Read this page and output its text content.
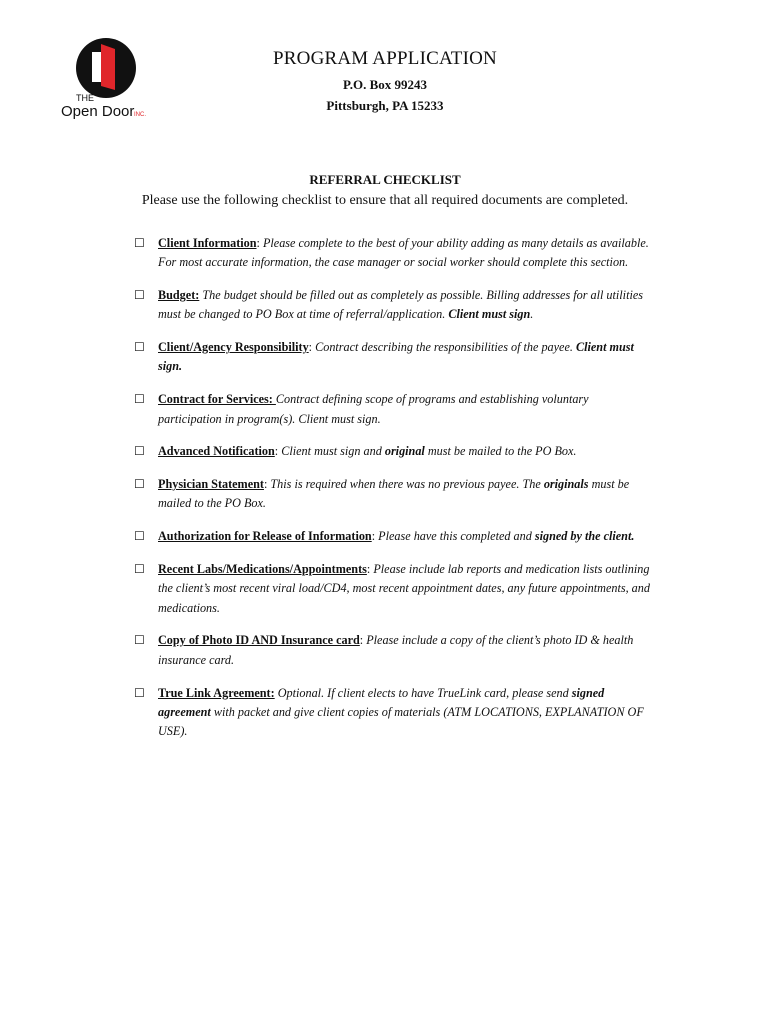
THE
Open Door INC.
PROGRAM APPLICATION
P.O. Box 99243
Pittsburgh, PA 15233
REFERRAL CHECKLIST
Please use the following checklist to ensure that all required documents are completed.
☐ Client Information: Please complete to the best of your ability adding as many details as available. For most accurate information, the case manager or social worker should complete this section.
☐ Budget: The budget should be filled out as completely as possible. Billing addresses for all utilities must be changed to PO Box at time of referral/application. Client must sign.
☐ Client/Agency Responsibility: Contract describing the responsibilities of the payee. Client must sign.
☐ Contract for Services: Contract defining scope of programs and establishing voluntary participation in program(s). Client must sign.
☐ Advanced Notification: Client must sign and original must be mailed to the PO Box.
☐ Physician Statement: This is required when there was no previous payee. The originals must be mailed to the PO Box.
☐ Authorization for Release of Information: Please have this completed and signed by the client.
☐ Recent Labs/Medications/Appointments: Please include lab reports and medication lists outlining the client’s most recent viral load/CD4, most recent appointment dates, any future appointments, and medications.
☐ Copy of Photo ID AND Insurance card: Please include a copy of the client’s photo ID & health insurance card.
☐ True Link Agreement: Optional. If client elects to have TrueLink card, please send signed agreement with packet and give client copies of materials (ATM LOCATIONS, EXPLANATION OF USE).
